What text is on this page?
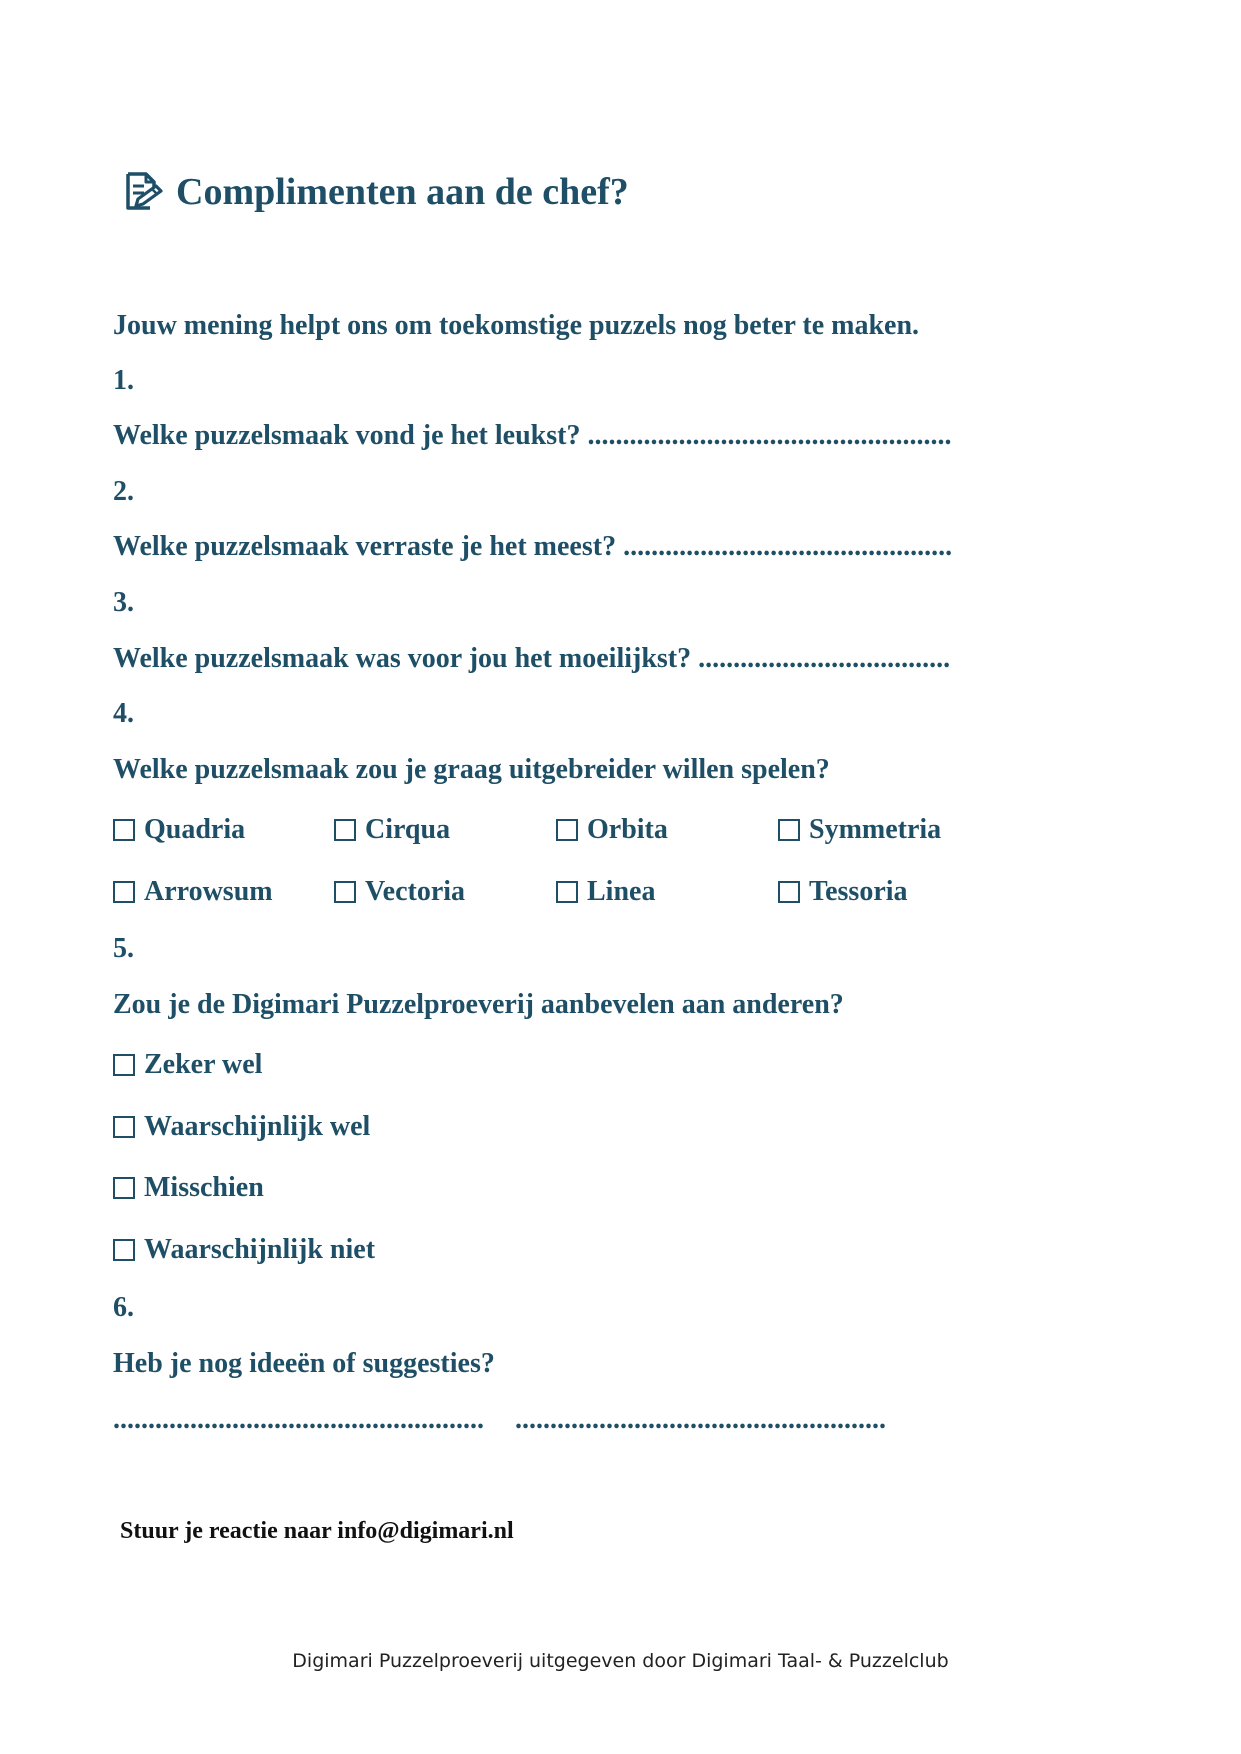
Complimenten aan de chef?
Jouw mening helpt ons om toekomstige puzzels nog beter te maken.
1.
Welke puzzelsmaak vond je het leukst? ....................................................
2.
Welke puzzelsmaak verraste je het meest? ...............................................
3.
Welke puzzelsmaak was voor jou het moeilijkst? ....................................
4.
Welke puzzelsmaak zou je graag uitgebreider willen spelen?
Quadria	Cirqua	Orbita	Symmetria
Arrowsum	Vectoria	Linea	Tessoria
5.
Zou je de Digimari Puzzelproeverij aanbevelen aan anderen?
Zeker wel
Waarschijnlijk wel
Misschien
Waarschijnlijk niet
6.
Heb je nog ideeën of suggesties?
..................................................... .....................................................
Stuur je reactie naar info@digimari.nl
Digimari Puzzelproeverij uitgegeven door Digimari Taal- & Puzzelclub
